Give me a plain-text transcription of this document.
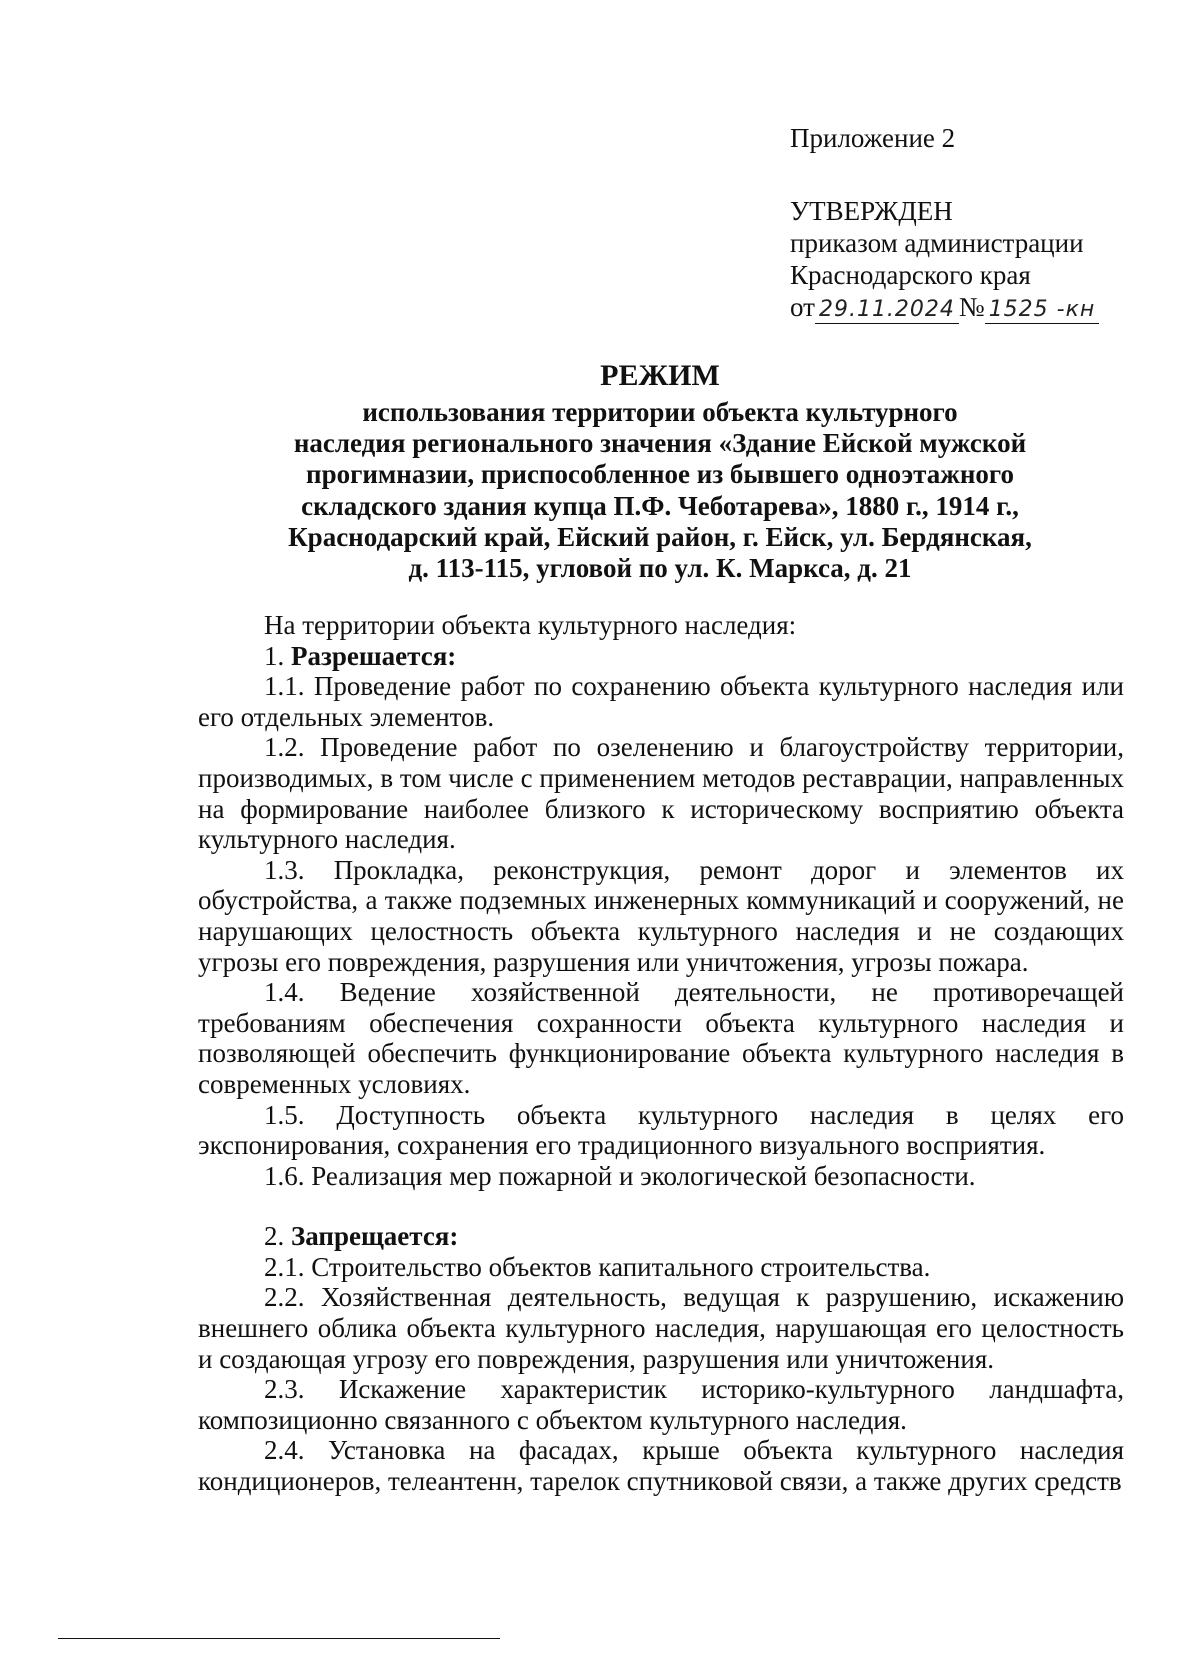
Приложение 2
УТВЕРЖДЕН
приказом администрации
Краснодарского края
от 29.11.2024 № 1525 -кн
РЕЖИМ
использования территории объекта культурного
наследия регионального значения «Здание Ейской мужской
прогимназии, приспособленное из бывшего одноэтажного
складского здания купца П.Ф. Чеботарева», 1880 г., 1914 г.,
Краснодарский край, Ейский район, г. Ейск, ул. Бердянская,
д. 113-115, угловой по ул. К. Маркса, д. 21

На территории объекта культурного наследия:

1. Разрешается:

1.1. Проведение работ по сохранению объекта культурного наследия или его отдельных элементов.

1.2. Проведение работ по озеленению и благоустройству территории, производимых, в том числе с применением методов реставрации, направленных на формирование наиболее близкого к историческому восприятию объекта культурного наследия.

1.3. Прокладка, реконструкция, ремонт дорог и элементов их обустройства, а также подземных инженерных коммуникаций и сооружений, не нарушающих целостность объекта культурного наследия и не создающих угрозы его повреждения, разрушения или уничтожения, угрозы пожара.

1.4. Ведение хозяйственной деятельности, не противоречащей требованиям обеспечения сохранности объекта культурного наследия и позволяющей обеспечить функционирование объекта культурного наследия в современных условиях.

1.5. Доступность объекта культурного наследия в целях его экспонирования, сохранения его традиционного визуального восприятия.

1.6. Реализация мер пожарной и экологической безопасности.

2. Запрещается:

2.1. Строительство объектов капитального строительства.

2.2. Хозяйственная деятельность, ведущая к разрушению, искажению внешнего облика объекта культурного наследия, нарушающая его целостность и создающая угрозу его повреждения, разрушения или уничтожения.

2.3. Искажение характеристик историко-культурного ландшафта, композиционно связанного с объектом культурного наследия.

2.4. Установка на фасадах, крыше объекта культурного наследия кондиционеров, телеантенн, тарелок спутниковой связи, а также других средств
